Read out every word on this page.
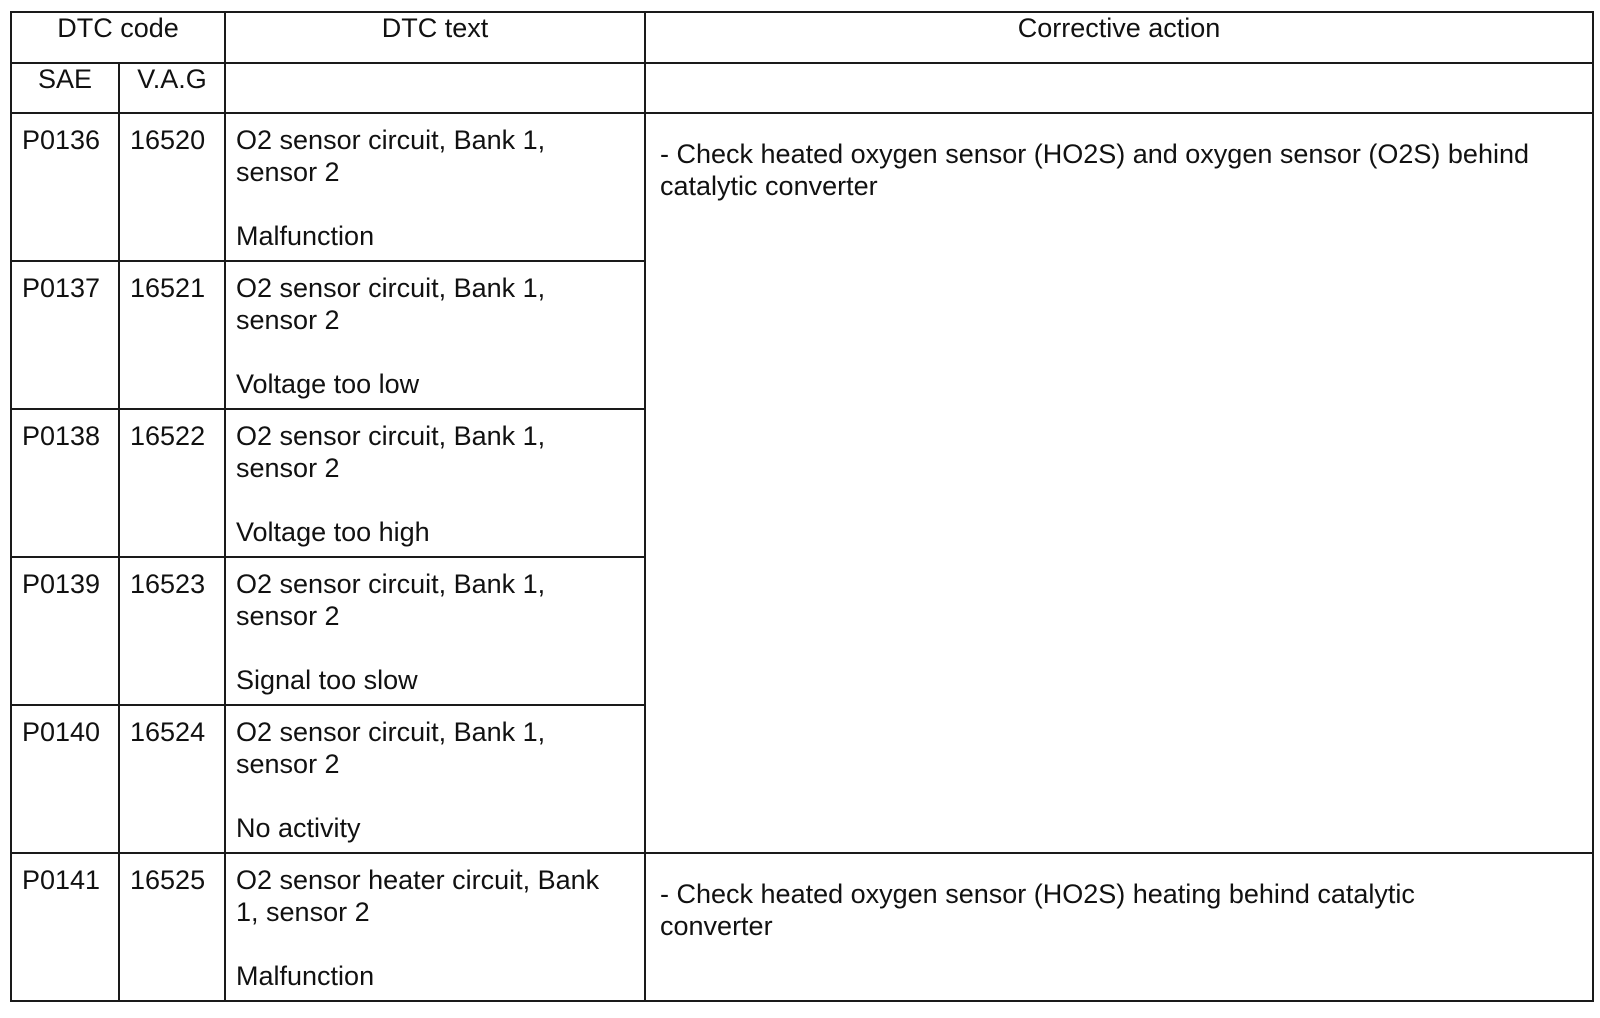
DTC code		DTC text	Corrective action
SAE	V.A.G		

P0136	16520	O2 sensor circuit, Bank 1,
sensor 2
Malfunction	- Check heated oxygen sensor (HO2S) and oxygen sensor (O2S) behind
catalytic converter

P0137	16521	O2 sensor circuit, Bank 1,
sensor 2
Voltage too low	

P0138	16522	O2 sensor circuit, Bank 1,
sensor 2
Voltage too high	

P0139	16523	O2 sensor circuit, Bank 1,
sensor 2
Signal too slow	

P0140	16524	O2 sensor circuit, Bank 1,
sensor 2
No activity	

P0141	16525	O2 sensor heater circuit, Bank
1, sensor 2
Malfunction	- Check heated oxygen sensor (HO2S) heating behind catalytic
converter
